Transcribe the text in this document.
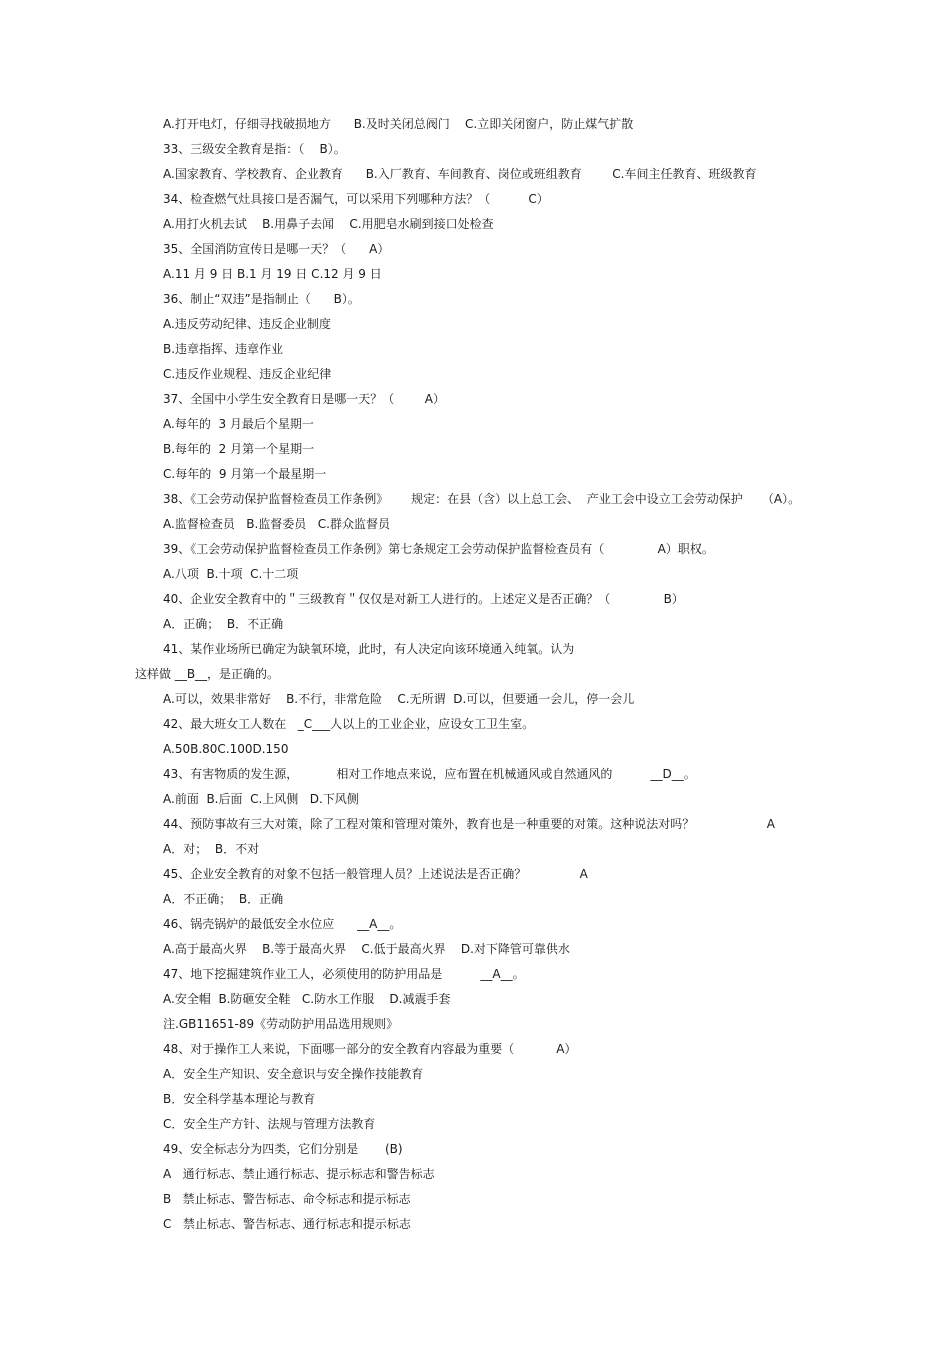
A.打开电灯，仔细寻找破损地方      B.及时关闭总阀门    C.立即关闭窗户，防止煤气扩散
33、三级安全教育是指：（    B）。
A.国家教育、学校教育、企业教育      B.入厂教育、车间教育、岗位或班组教育        C.车间主任教育、班级教育
34、检查燃气灶具接口是否漏气，可以采用下列哪种方法？（          C）
A.用打火机去试    B.用鼻子去闻    C.用肥皂水刷到接口处检查
35、全国消防宣传日是哪一天？（      A）
A.11 月 9 日 B.1 月 19 日 C.12 月 9 日
36、制止“双违”是指制止（      B）。
A.违反劳动纪律、违反企业制度
B.违章指挥、违章作业
C.违反作业规程、违反企业纪律
37、全国中小学生安全教育日是哪一天？（        A）
A.每年的  3 月最后个星期一
B.每年的  2 月第一个星期一
C.每年的  9 月第一个最星期一
38、《工会劳动保护监督检查员工作条例》      规定：在县（含）以上总工会、  产业工会中设立工会劳动保护     （A）。
A.监督检查员   B.监督委员   C.群众监督员
39、《工会劳动保护监督检查员工作条例》第七条规定工会劳动保护监督检查员有（              A）职权。
A.八项  B.十项  C.十二项
40、企业安全教育中的＂三级教育＂仅仅是对新工人进行的。上述定义是否正确？（              B）
A．正确；  B．不正确
41、某作业场所已确定为缺氧环境，此时，有人决定向该环境通入纯氧。认为
这样做 __B__，是正确的。
A.可以，效果非常好    B.不行，非常危险    C.无所谓  D.可以，但要通一会儿，停一会儿
42、最大班女工人数在   _C___人以上的工业企业，应设女工卫生室。
A.50B.80C.100D.150
43、有害物质的发生源，          相对工作地点来说，应布置在机械通风或自然通风的          __D__。
A.前面  B.后面  C.上风侧   D.下风侧
44、预防事故有三大对策，除了工程对策和管理对策外，教育也是一种重要的对策。这种说法对吗？                   A
A．对；  B．不对
45、企业安全教育的对象不包括一般管理人员？上述说法是否正确？              A
A．不正确；  B．正确
46、锅壳锅炉的最低安全水位应      __A__。
A.高于最高火界    B.等于最高火界    C.低于最高火界    D.对下降管可靠供水
47、地下挖掘建筑作业工人，必须使用的防护用品是          __A__。
A.安全帽  B.防砸安全鞋   C.防水工作服    D.减震手套
注.GB11651-89《劳动防护用品选用规则》
48、对于操作工人来说，下面哪一部分的安全教育内容最为重要（           A）
A．安全生产知识、安全意识与安全操作技能教育
B．安全科学基本理论与教育
C．安全生产方针、法规与管理方法教育
49、安全标志分为四类，它们分别是       (B)
A   通行标志、禁止通行标志、提示标志和警告标志
B   禁止标志、警告标志、命令标志和提示标志
C   禁止标志、警告标志、通行标志和提示标志
